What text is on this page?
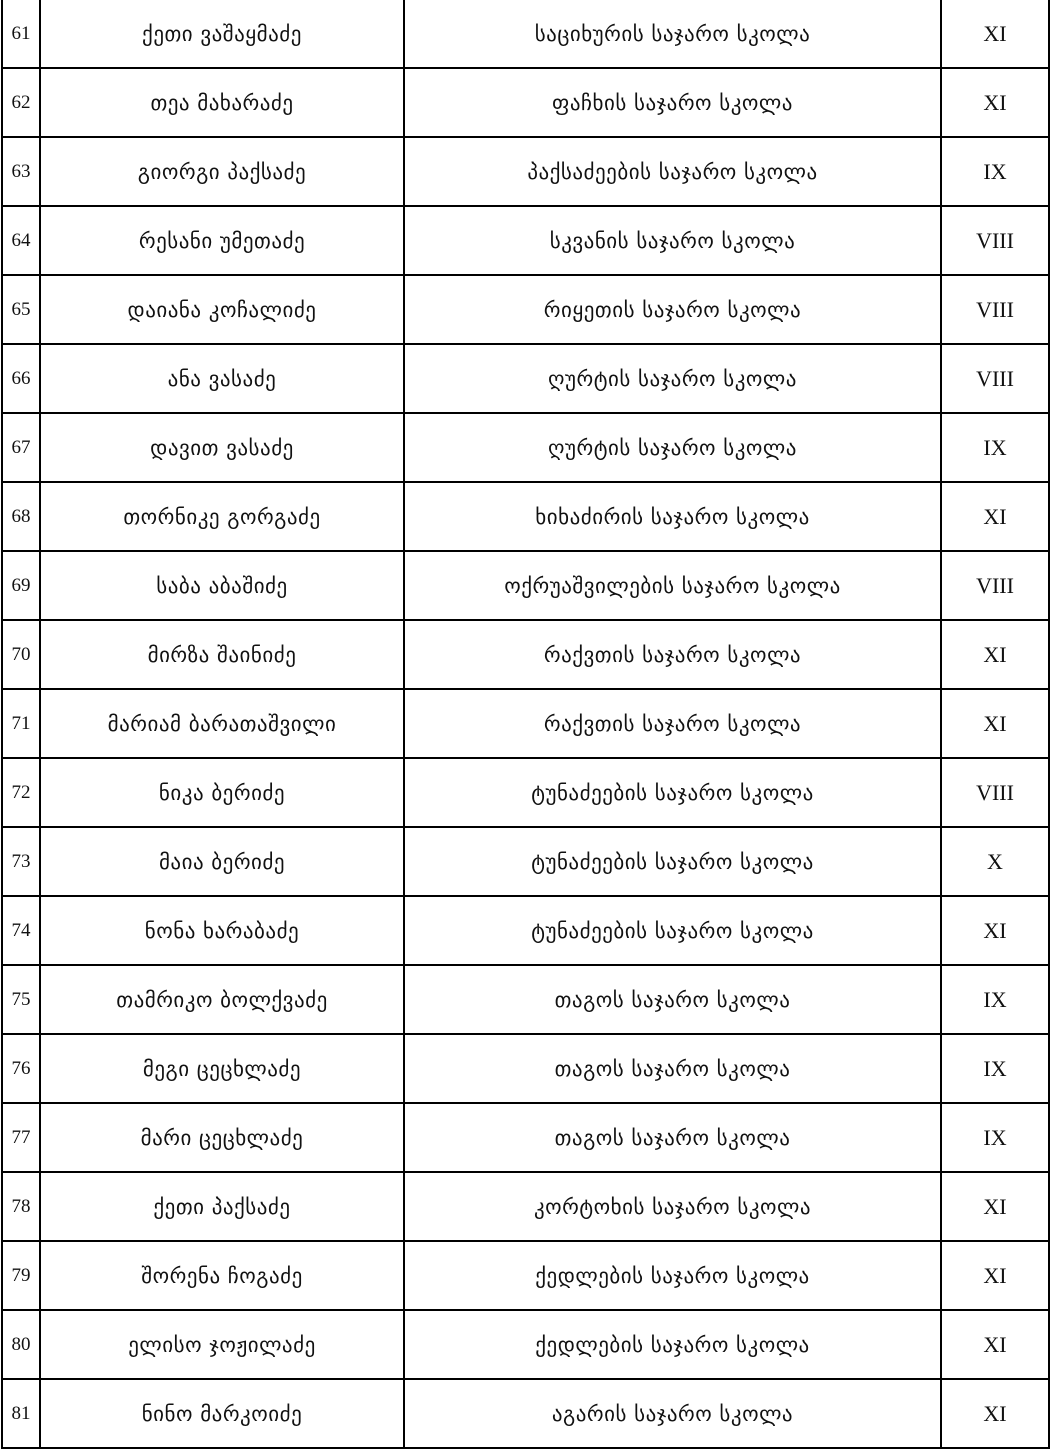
61	ქეთი ვაშაყმაძე	საციხურის საჯარო სკოლა	XI
62	თეა მახარაძე	ფაჩხის საჯარო სკოლა	XI
63	გიორგი პაქსაძე	პაქსაძეების საჯარო სკოლა	IX
64	რესანი უმეთაძე	სკვანის საჯარო სკოლა	VIII
65	დაიანა კოჩალიძე	რიყეთის საჯარო სკოლა	VIII
66	ანა ვასაძე	ღურტის საჯარო სკოლა	VIII
67	დავით ვასაძე	ღურტის საჯარო სკოლა	IX
68	თორნიკე გორგაძე	ხიხაძირის საჯარო სკოლა	XI
69	საბა აბაშიძე	ოქრუაშვილების საჯარო სკოლა	VIII
70	მირზა შაინიძე	რაქვთის საჯარო სკოლა	XI
71	მარიამ ბარათაშვილი	რაქვთის საჯარო სკოლა	XI
72	ნიკა ბერიძე	ტუნაძეების საჯარო სკოლა	VIII
73	მაია ბერიძე	ტუნაძეების საჯარო სკოლა	X
74	ნონა ხარაბაძე	ტუნაძეების საჯარო სკოლა	XI
75	თამრიკო ბოლქვაძე	თაგოს საჯარო სკოლა	IX
76	მეგი ცეცხლაძე	თაგოს საჯარო სკოლა	IX
77	მარი ცეცხლაძე	თაგოს საჯარო სკოლა	IX
78	ქეთი პაქსაძე	კორტოხის საჯარო სკოლა	XI
79	შორენა ჩოგაძე	ქედლების საჯარო სკოლა	XI
80	ელისო ჯოჟილაძე	ქედლების საჯარო სკოლა	XI
81	ნინო მარკოიძე	აგარის საჯარო სკოლა	XI
